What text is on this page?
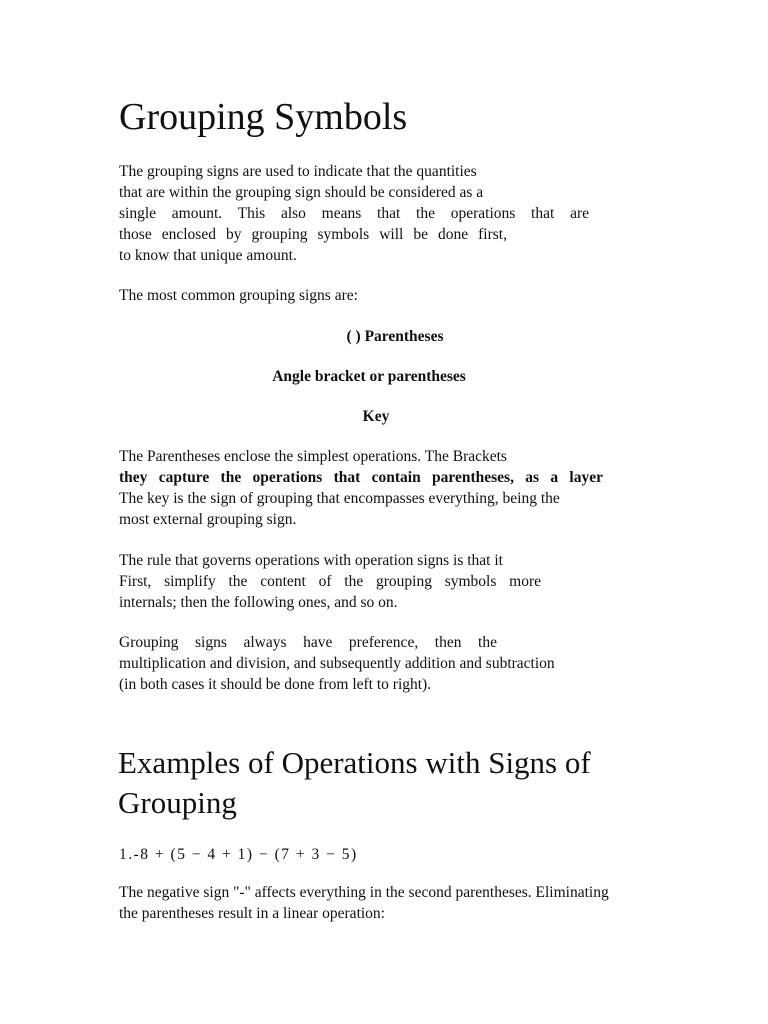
Grouping Symbols
The grouping signs are used to indicate that the quantities
that are within the grouping sign should be considered as a
single amount. This also means that the operations that are
those enclosed by grouping symbols will be done first,
to know that unique amount.
The most common grouping signs are:
( ) Parentheses
Angle bracket or parentheses
Key
The Parentheses enclose the simplest operations. The Brackets
they capture the operations that contain parentheses, as a layer
The key is the sign of grouping that encompasses everything, being the
most external grouping sign.
The rule that governs operations with operation signs is that it
First, simplify the content of the grouping symbols more
internals; then the following ones, and so on.
Grouping signs always have preference, then the
multiplication and division, and subsequently addition and subtraction
(in both cases it should be done from left to right).
Examples of Operations with Signs of Grouping
1.-8 + (5 − 4 + 1) − (7 + 3 − 5)
The negative sign "-" affects everything in the second parentheses. Eliminating
the parentheses result in a linear operation:
